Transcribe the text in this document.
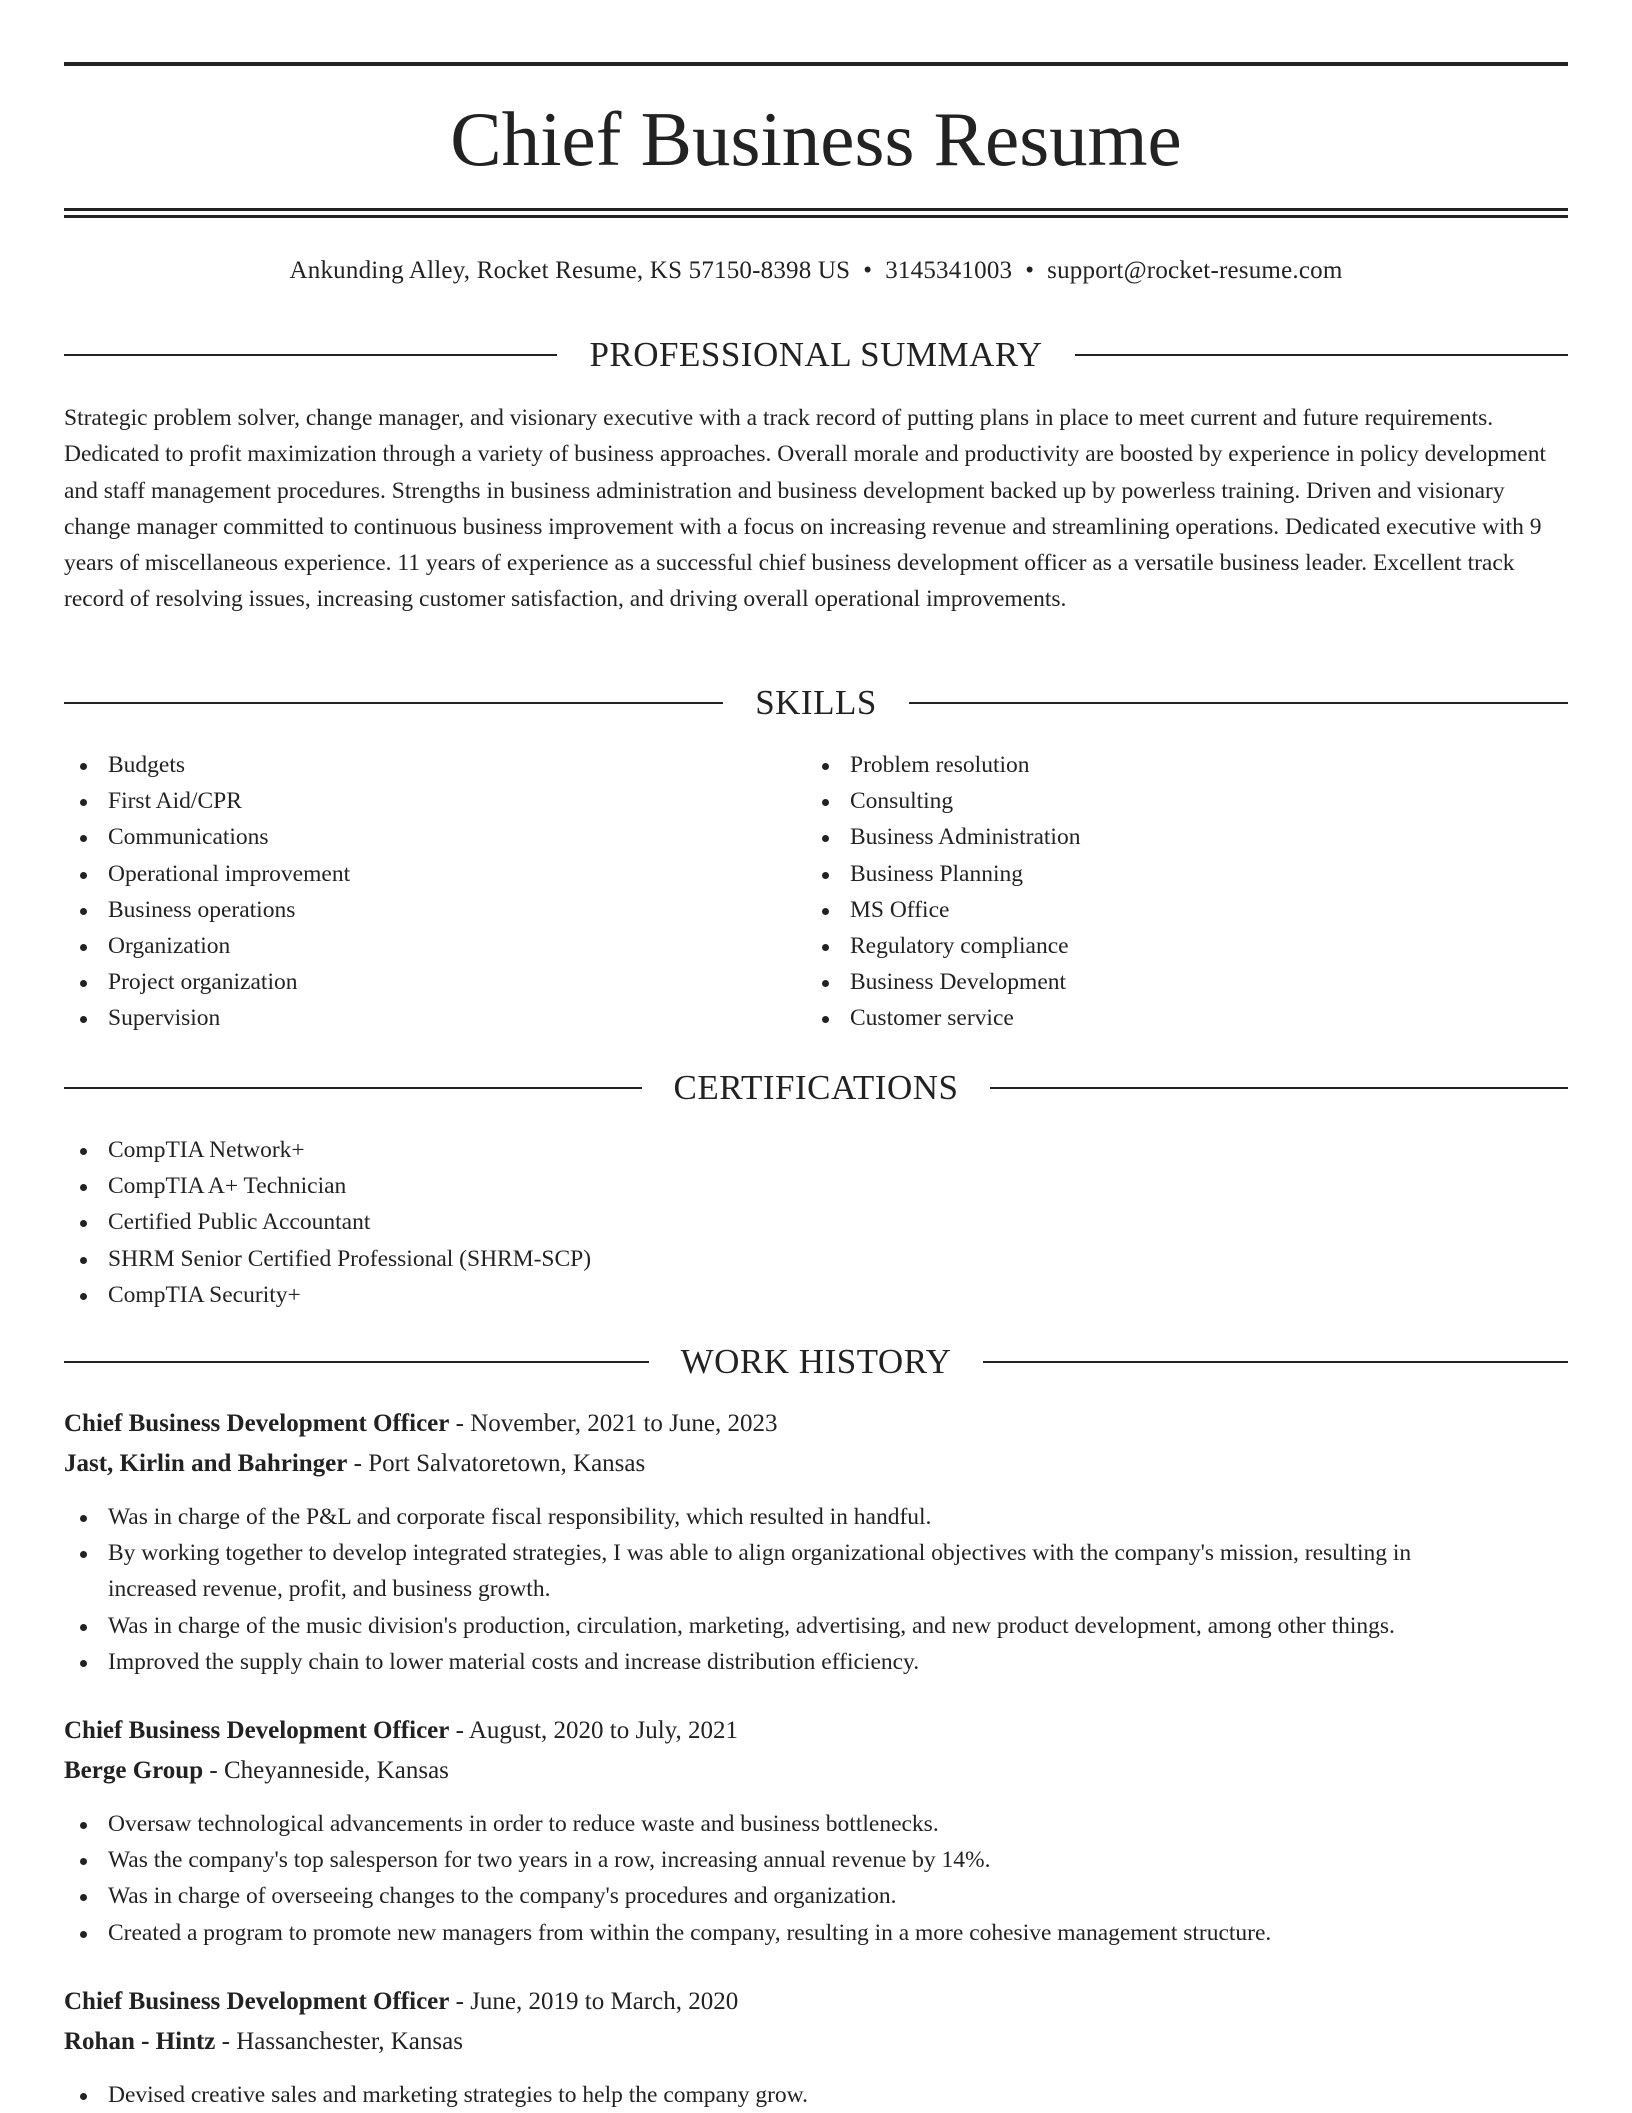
Chief Business Resume
Ankunding Alley, Rocket Resume, KS 57150-8398 US • 3145341003 • support@rocket-resume.com
PROFESSIONAL SUMMARY

Strategic problem solver, change manager, and visionary executive with a track record of putting plans in place to meet current and future requirements. Dedicated to profit maximization through a variety of business approaches. Overall morale and productivity are boosted by experience in policy development and staff management procedures. Strengths in business administration and business development backed up by powerless training. Driven and visionary change manager committed to continuous business improvement with a focus on increasing revenue and streamlining operations. Dedicated executive with 9 years of miscellaneous experience. 11 years of experience as a successful chief business development officer as a versatile business leader. Excellent track record of resolving issues, increasing customer satisfaction, and driving overall operational improvements.

SKILLS
Budgets
First Aid/CPR
Communications
Operational improvement
Business operations
Organization
Project organization
Supervision
Problem resolution
Consulting
Business Administration
Business Planning
MS Office
Regulatory compliance
Business Development
Customer service
CERTIFICATIONS
CompTIA Network+
CompTIA A+ Technician
Certified Public Accountant
SHRM Senior Certified Professional (SHRM-SCP)
CompTIA Security+
WORK HISTORY
Chief Business Development Officer - November, 2021 to June, 2023
Jast, Kirlin and Bahringer - Port Salvatoretown, Kansas
Was in charge of the P&L and corporate fiscal responsibility, which resulted in handful.
By working together to develop integrated strategies, I was able to align organizational objectives with the company's mission, resulting in increased revenue, profit, and business growth.
Was in charge of the music division's production, circulation, marketing, advertising, and new product development, among other things.
Improved the supply chain to lower material costs and increase distribution efficiency.
Chief Business Development Officer - August, 2020 to July, 2021
Berge Group - Cheyanneside, Kansas
Oversaw technological advancements in order to reduce waste and business bottlenecks.
Was the company's top salesperson for two years in a row, increasing annual revenue by 14%.
Was in charge of overseeing changes to the company's procedures and organization.
Created a program to promote new managers from within the company, resulting in a more cohesive management structure.
Chief Business Development Officer - June, 2019 to March, 2020
Rohan - Hintz - Hassanchester, Kansas
Devised creative sales and marketing strategies to help the company grow.
